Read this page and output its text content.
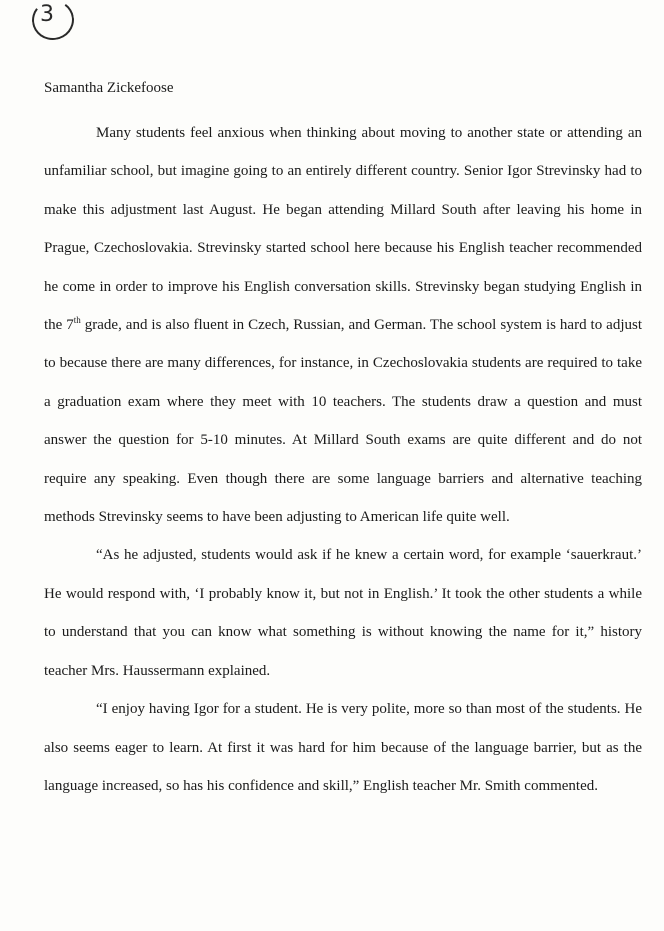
3
Samantha Zickefoose

Many students feel anxious when thinking about moving to another state or attending an unfamiliar school, but imagine going to an entirely different country. Senior Igor Strevinsky had to make this adjustment last August. He began attending Millard South after leaving his home in Prague, Czechoslovakia. Strevinsky started school here because his English teacher recommended he come in order to improve his English conversation skills. Strevinsky began studying English in the 7th grade, and is also fluent in Czech, Russian, and German. The school system is hard to adjust to because there are many differences, for instance, in Czechoslovakia students are required to take a graduation exam where they meet with 10 teachers. The students draw a question and must answer the question for 5-10 minutes. At Millard South exams are quite different and do not require any speaking. Even though there are some language barriers and alternative teaching methods Strevinsky seems to have been adjusting to American life quite well.

“As he adjusted, students would ask if he knew a certain word, for example ‘sauerkraut.’ He would respond with, ‘I probably know it, but not in English.’ It took the other students a while to understand that you can know what something is without knowing the name for it,” history teacher Mrs. Haussermann explained.

“I enjoy having Igor for a student. He is very polite, more so than most of the students. He also seems eager to learn. At first it was hard for him because of the language barrier, but as the language increased, so has his confidence and skill,” English teacher Mr. Smith commented.
